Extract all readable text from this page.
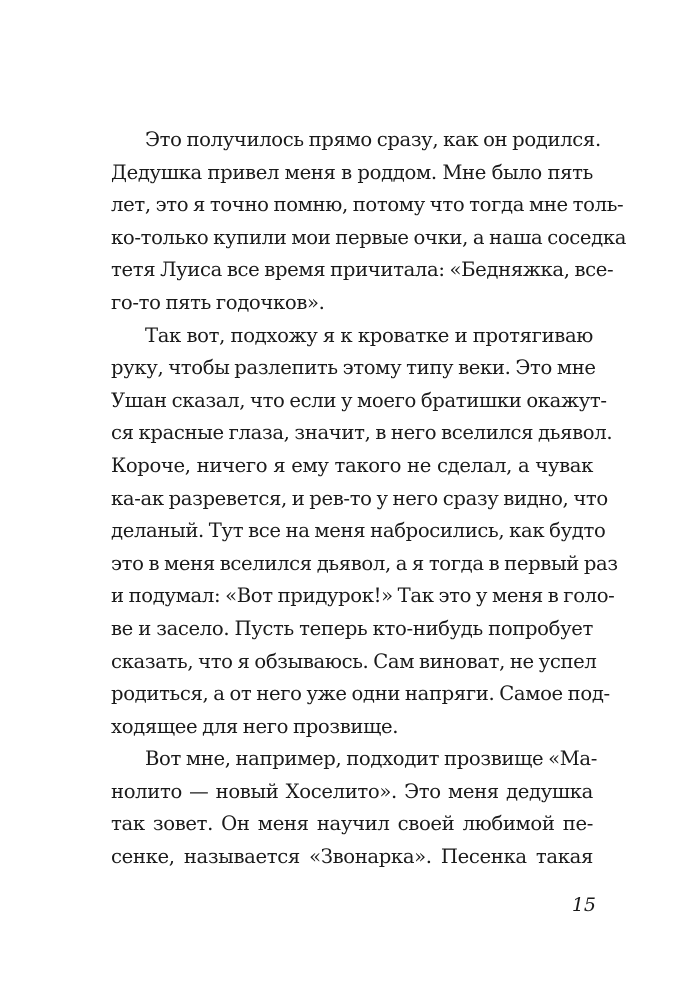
Это получилось прямо сразу, как он родился.
Дедушка привел меня в роддом. Мне было пять
лет, это я точно помню, потому что тогда мне толь-
ко-только купили мои первые очки, а наша соседка
тетя Луиса все время причитала: «Бедняжка, все-
го-то пять годочков».
Так вот, подхожу я к кроватке и протягиваю
руку, чтобы разлепить этому типу веки. Это мне
Ушан сказал, что если у моего братишки окажут-
ся красные глаза, значит, в него вселился дьявол.
Короче, ничего я ему такого не сделал, а чувак
ка-ак разревется, и рев-то у него сразу видно, что
деланый. Тут все на меня набросились, как будто
это в меня вселился дьявол, а я тогда в первый раз
и подумал: «Вот придурок!» Так это у меня в голо-
ве и засело. Пусть теперь кто-нибудь попробует
сказать, что я обзываюсь. Сам виноват, не успел
родиться, а от него уже одни напряги. Самое под-
ходящее для него прозвище.
Вот мне, например, подходит прозвище «Ма-
нолито — новый Хоселито». Это меня дедушка
так зовет. Он меня научил своей любимой пе-
сенке, называется «Звонарка». Песенка такая
15
